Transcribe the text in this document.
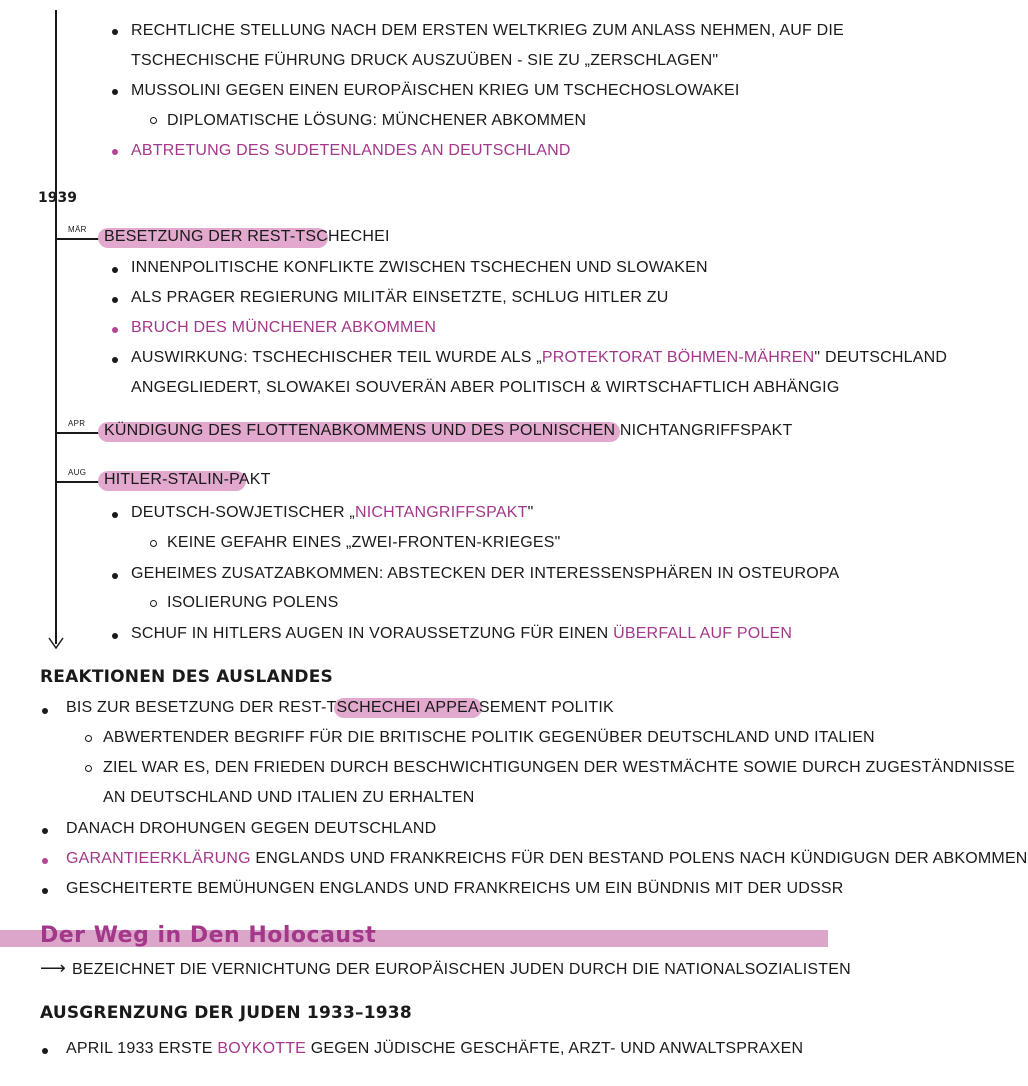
RECHTLICHE STELLUNG NACH DEM ERSTEN WELTKRIEG ZUM ANLASS NEHMEN, AUF DIE
TSCHECHISCHE FÜHRUNG DRUCK AUSZUÜBEN - SIE ZU „ZERSCHLAGEN"
MUSSOLINI GEGEN EINEN EUROPÄISCHEN KRIEG UM TSCHECHOSLOWAKEI
DIPLOMATISCHE LÖSUNG: MÜNCHENER ABKOMMEN
ABTRETUNG DES SUDETENLANDES AN DEUTSCHLAND
1939
MÄR BESETZUNG DER REST-TSCHECHEI
INNENPOLITISCHE KONFLIKTE ZWISCHEN TSCHECHEN UND SLOWAKEN
ALS PRAGER REGIERUNG MILITÄR EINSETZTE, SCHLUG HITLER ZU
BRUCH DES MÜNCHENER ABKOMMEN
AUSWIRKUNG: TSCHECHISCHER TEIL WURDE ALS „PROTEKTORAT BÖHMEN-MÄHREN" DEUTSCHLAND
ANGEGLIEDERT, SLOWAKEI SOUVERÄN ABER POLITISCH & WIRTSCHAFTLICH ABHÄNGIG
APR KÜNDIGUNG DES FLOTTENABKOMMENS UND DES POLNISCHEN NICHTANGRIFFSPAKT
AUG HITLER-STALIN-PAKT
DEUTSCH-SOWJETISCHER „NICHTANGRIFFSPAKT"
KEINE GEFAHR EINES „ZWEI-FRONTEN-KRIEGES"
GEHEIMES ZUSATZABKOMMEN: ABSTECKEN DER INTERESSENSPHÄREN IN OSTEUROPA
ISOLIERUNG POLENS
SCHUF IN HITLERS AUGEN IN VORAUSSETZUNG FÜR EINEN ÜBERFALL AUF POLEN
REAKTIONEN DES AUSLANDES
BIS ZUR BESETZUNG DER REST-TSCHECHEI APPEASEMENT POLITIK
ABWERTENDER BEGRIFF FÜR DIE BRITISCHE POLITIK GEGENÜBER DEUTSCHLAND UND ITALIEN
ZIEL WAR ES, DEN FRIEDEN DURCH BESCHWICHTIGUNGEN DER WESTMÄCHTE SOWIE DURCH ZUGESTÄNDNISSE
AN DEUTSCHLAND UND ITALIEN ZU ERHALTEN
DANACH DROHUNGEN GEGEN DEUTSCHLAND
GARANTIEERKLÄRUNG ENGLANDS UND FRANKREICHS FÜR DEN BESTAND POLENS NACH KÜNDIGUGN DER ABKOMMEN
GESCHEITERTE BEMÜHUNGEN ENGLANDS UND FRANKREICHS UM EIN BÜNDNIS MIT DER UDSSR
Der Weg in Den Holocaust
⟶ BEZEICHNET DIE VERNICHTUNG DER EUROPÄISCHEN JUDEN DURCH DIE NATIONALSOZIALISTEN
AUSGRENZUNG DER JUDEN 1933–1938
APRIL 1933 ERSTE BOYKOTTE GEGEN JÜDISCHE GESCHÄFTE, ARZT- UND ANWALTSPRAXEN
